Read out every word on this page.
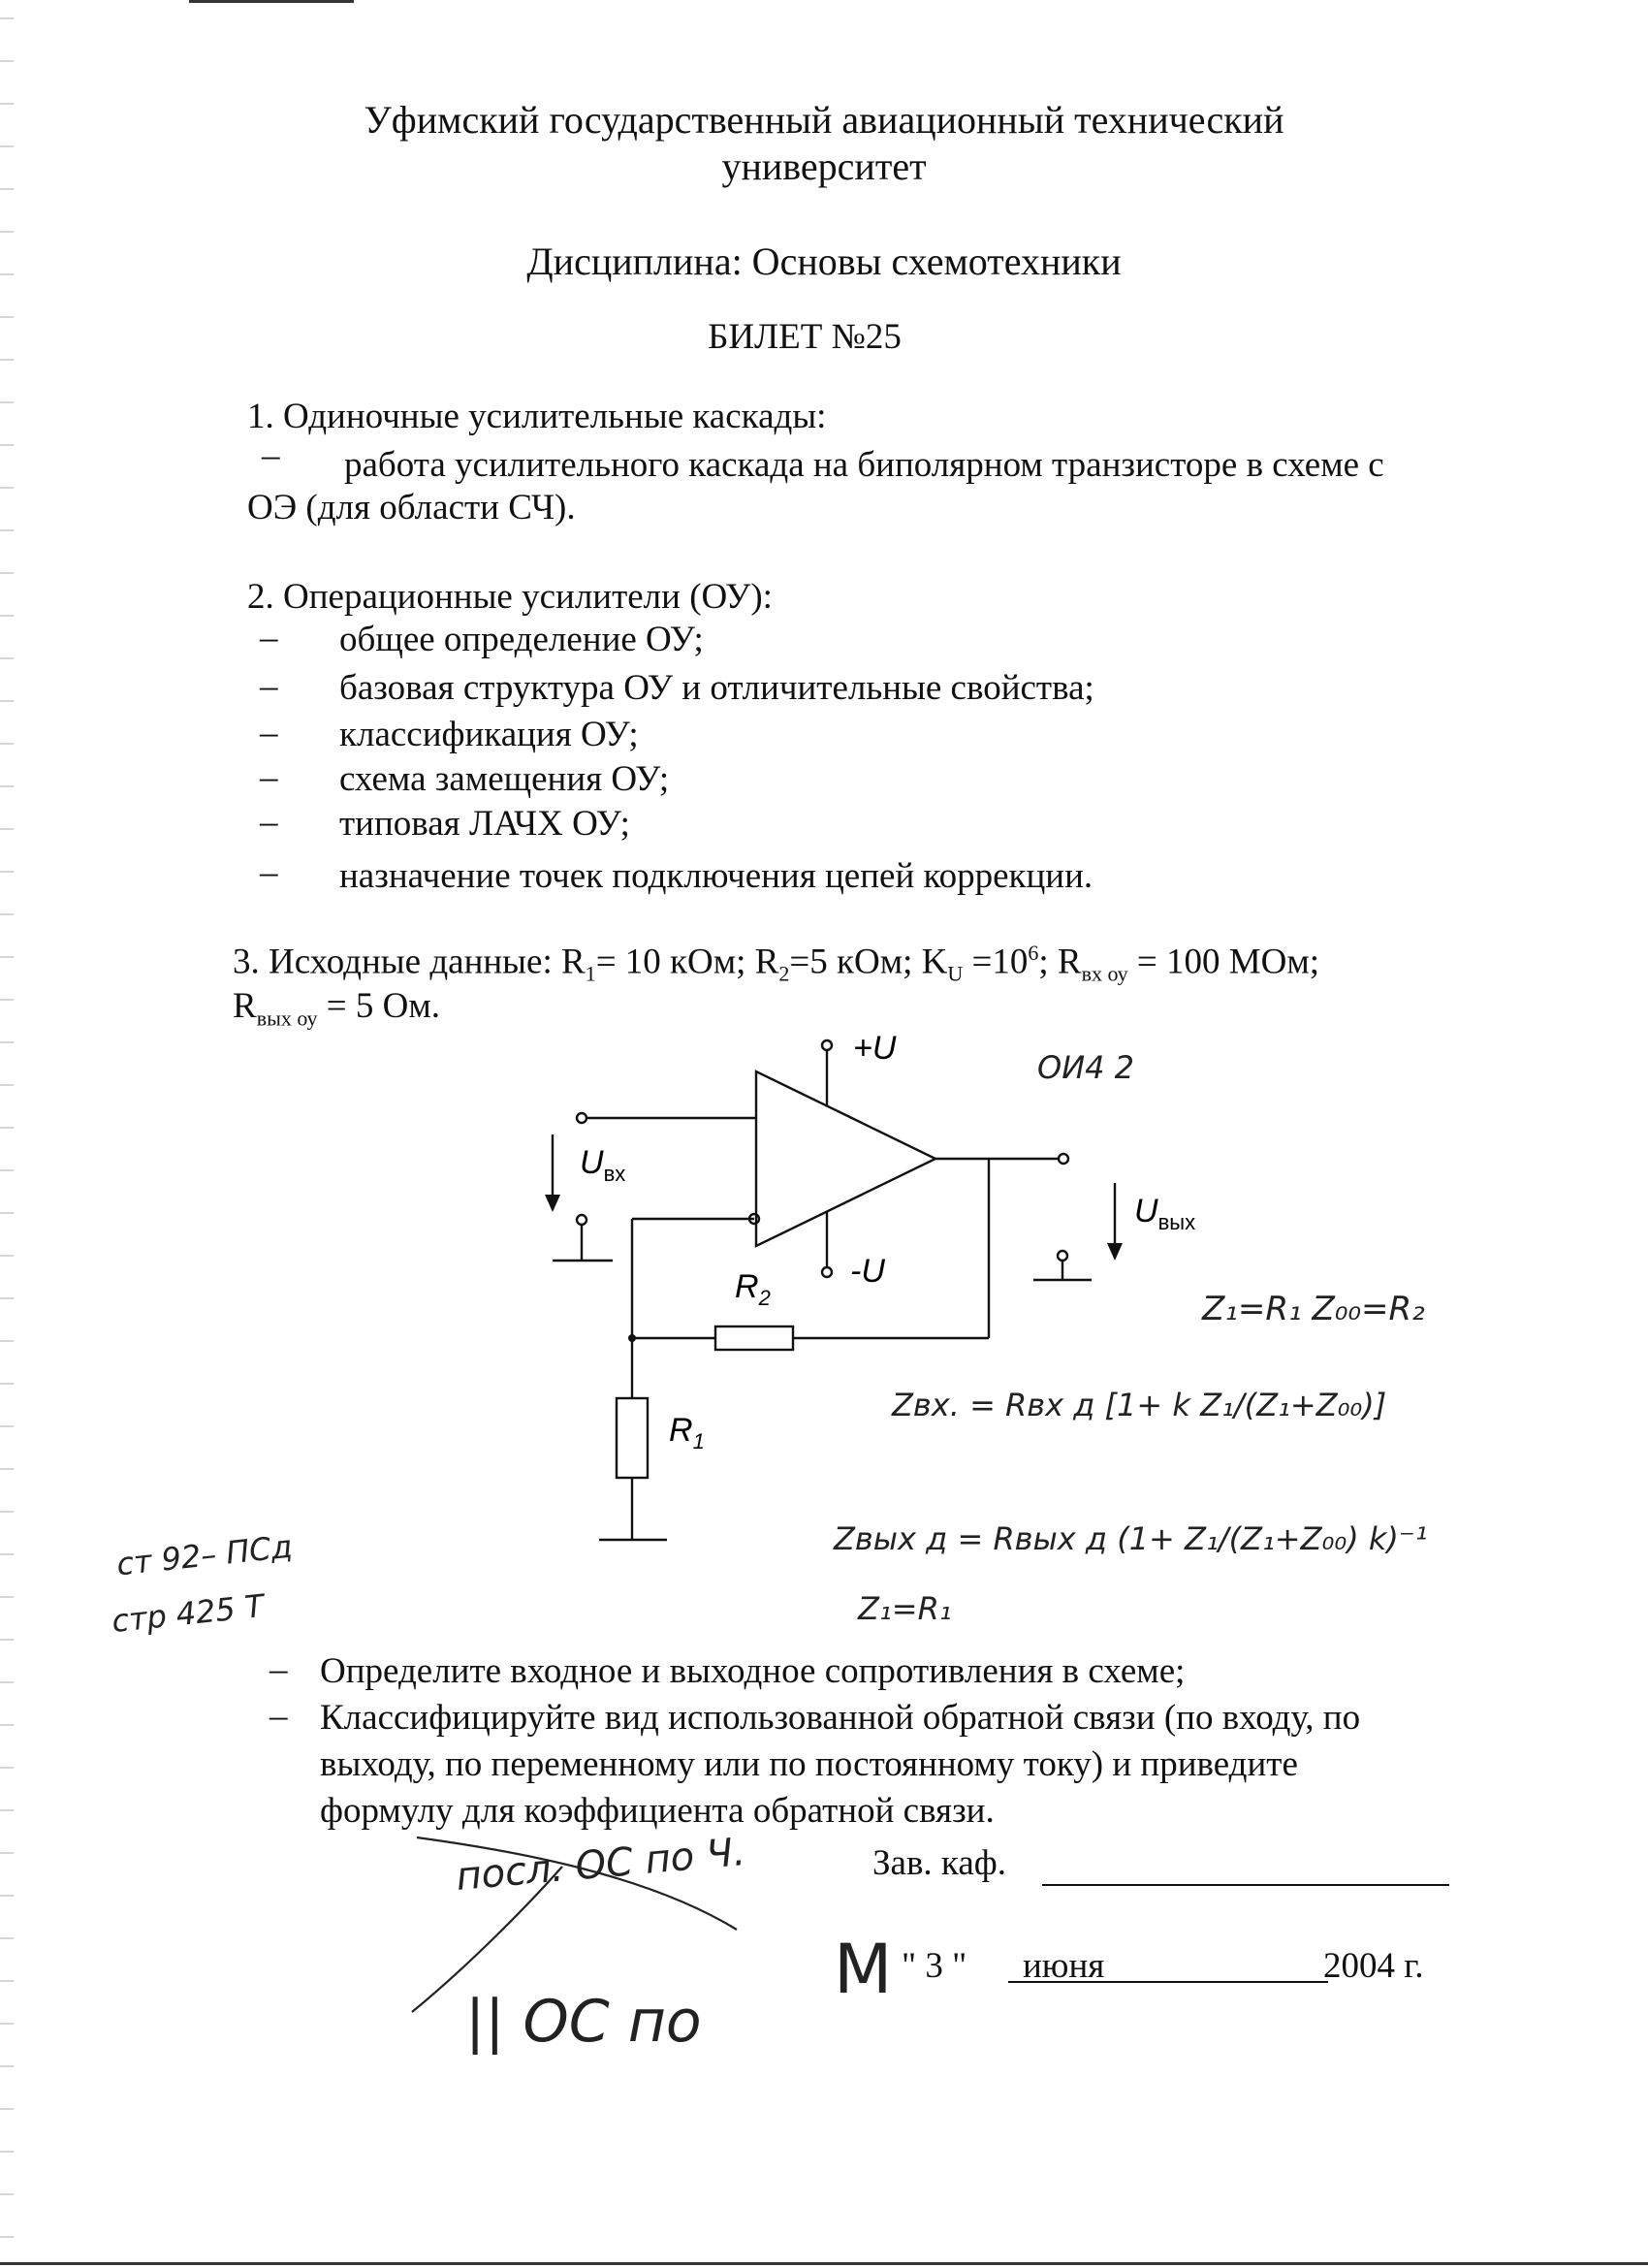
Уфимский государственный авиационный технический
университет
Дисциплина: Основы схемотехники
БИЛЕТ №25
1. Одиночные усилительные каскады:
– работа усилительного каскада на биполярном транзисторе в схеме с
ОЭ (для области СЧ).
2. Операционные усилители (ОУ):
– общее определение ОУ;
– базовая структура ОУ и отличительные свойства;
– классификация ОУ;
– схема замещения ОУ;
– типовая ЛАЧХ ОУ;
– назначение точек подключения цепей коррекции.
3. Исходные данные: $R_1= 10$ кОм; $R_2=5$ кОм; $K_U =10^6$; $R_{вх оу} = 100$ МОм;
$R_{вых оу} = 5$ Ом.
+U
-U
$U_{вх}$
$U_{вых}$
$R_2$
$R_1$
ОИ4 2
Z₁=R₁ Z₀₀=R₂
Zвх. = Rвх д [1+ k Z₁/(Z₁+Z₀₀)]
Zвых д = Rвых д (1+ Z₁/(Z₁+Z₀₀) k)⁻¹
Z₁=R₁
ст 92– ПСд
стр 425 Т
– Определите входное и выходное сопротивления в схеме;
– Классифицируйте вид использованной обратной связи (по входу, по
выходу, по переменному или по постоянному току) и приведите
формулу для коэффициента обратной связи.
посл. ОС по Ч.
|| ОС по
М
Зав. каф.
" 3 " июня	2004 г.
